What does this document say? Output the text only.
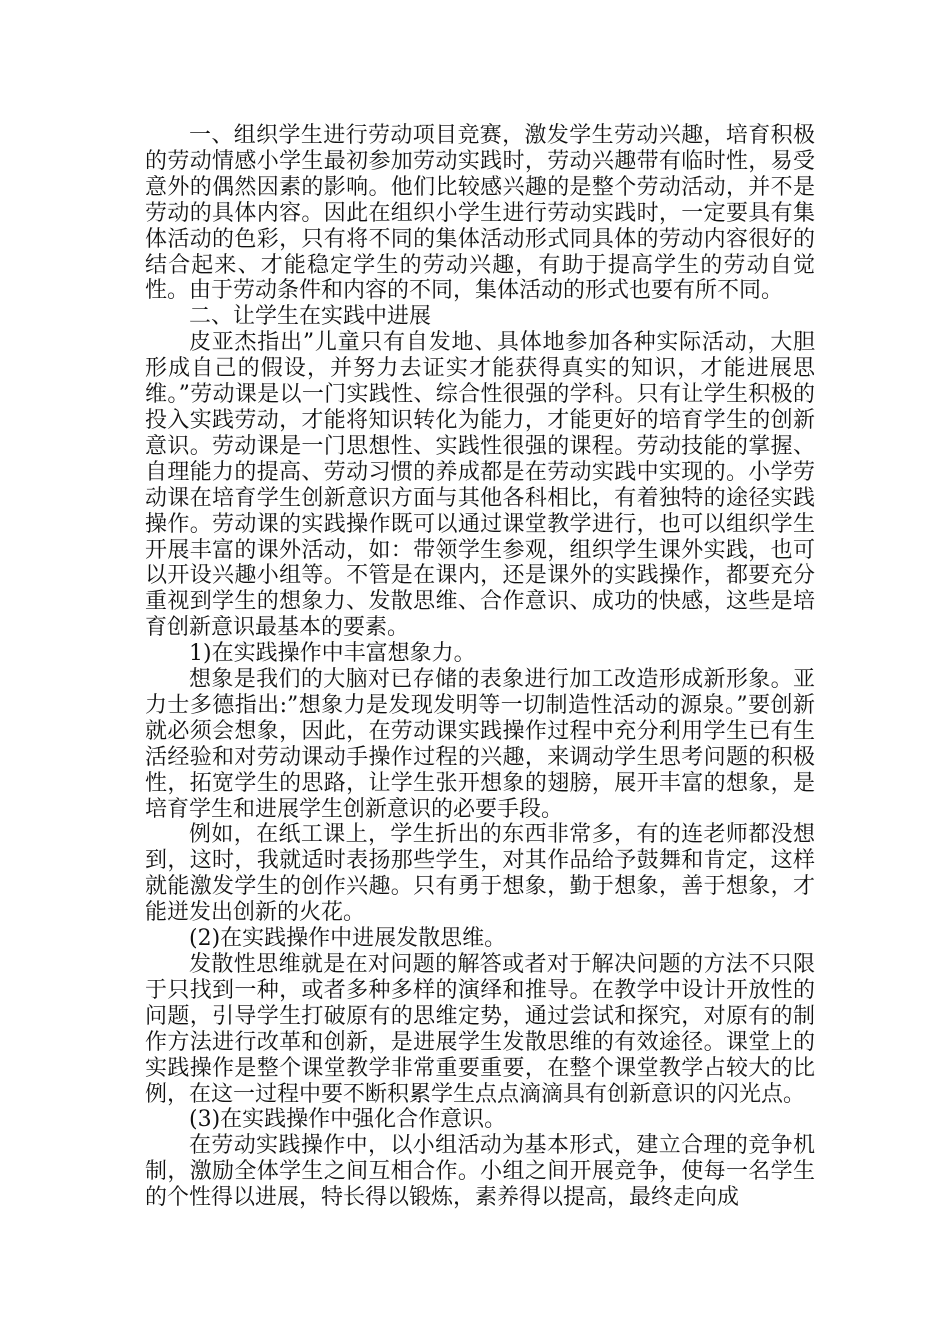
一、组织学生进行劳动项目竞赛，激发学生劳动兴趣，培育积极的劳动情感小学生最初参加劳动实践时，劳动兴趣带有临时性，易受意外的偶然因素的影响。他们比较感兴趣的是整个劳动活动，并不是劳动的具体内容。因此在组织小学生进行劳动实践时，一定要具有集体活动的色彩，只有将不同的集体活动形式同具体的劳动内容很好的结合起来、才能稳定学生的劳动兴趣，有助于提高学生的劳动自觉性。由于劳动条件和内容的不同，集体活动的形式也要有所不同。

二、让学生在实践中进展

皮亚杰指出”儿童只有自发地、具体地参加各种实际活动，大胆形成自己的假设，并努力去证实才能获得真实的知识，才能进展思维。”劳动课是以一门实践性、综合性很强的学科。只有让学生积极的投入实践劳动，才能将知识转化为能力，才能更好的培育学生的创新意识。劳动课是一门思想性、实践性很强的课程。劳动技能的掌握、自理能力的提高、劳动习惯的养成都是在劳动实践中实现的。小学劳动课在培育学生创新意识方面与其他各科相比，有着独特的途径实践操作。劳动课的实践操作既可以通过课堂教学进行，也可以组织学生开展丰富的课外活动，如：带领学生参观，组织学生课外实践，也可以开设兴趣小组等。不管是在课内，还是课外的实践操作，都要充分重视到学生的想象力、发散思维、合作意识、成功的快感，这些是培育创新意识最基本的要素。

1)在实践操作中丰富想象力。

想象是我们的大脑对已存储的表象进行加工改造形成新形象。亚力士多德指出:”想象力是发现发明等一切制造性活动的源泉。”要创新就必须会想象，因此，在劳动课实践操作过程中充分利用学生已有生活经验和对劳动课动手操作过程的兴趣，来调动学生思考问题的积极性，拓宽学生的思路，让学生张开想象的翅膀，展开丰富的想象，是培育学生和进展学生创新意识的必要手段。

例如，在纸工课上，学生折出的东西非常多，有的连老师都没想到，这时，我就适时表扬那些学生，对其作品给予鼓舞和肯定，这样就能激发学生的创作兴趣。只有勇于想象，勤于想象，善于想象，才能迸发出创新的火花。

(2)在实践操作中进展发散思维。

发散性思维就是在对问题的解答或者对于解决问题的方法不只限于只找到一种，或者多种多样的演绎和推导。在教学中设计开放性的问题，引导学生打破原有的思维定势，通过尝试和探究，对原有的制作方法进行改革和创新，是进展学生发散思维的有效途径。课堂上的实践操作是整个课堂教学非常重要重要，在整个课堂教学占较大的比例，在这一过程中要不断积累学生点点滴滴具有创新意识的闪光点。

(3)在实践操作中强化合作意识。

在劳动实践操作中，以小组活动为基本形式，建立合理的竞争机制，激励全体学生之间互相合作。小组之间开展竞争，使每一名学生的个性得以进展，特长得以锻炼，素养得以提高，最终走向成
